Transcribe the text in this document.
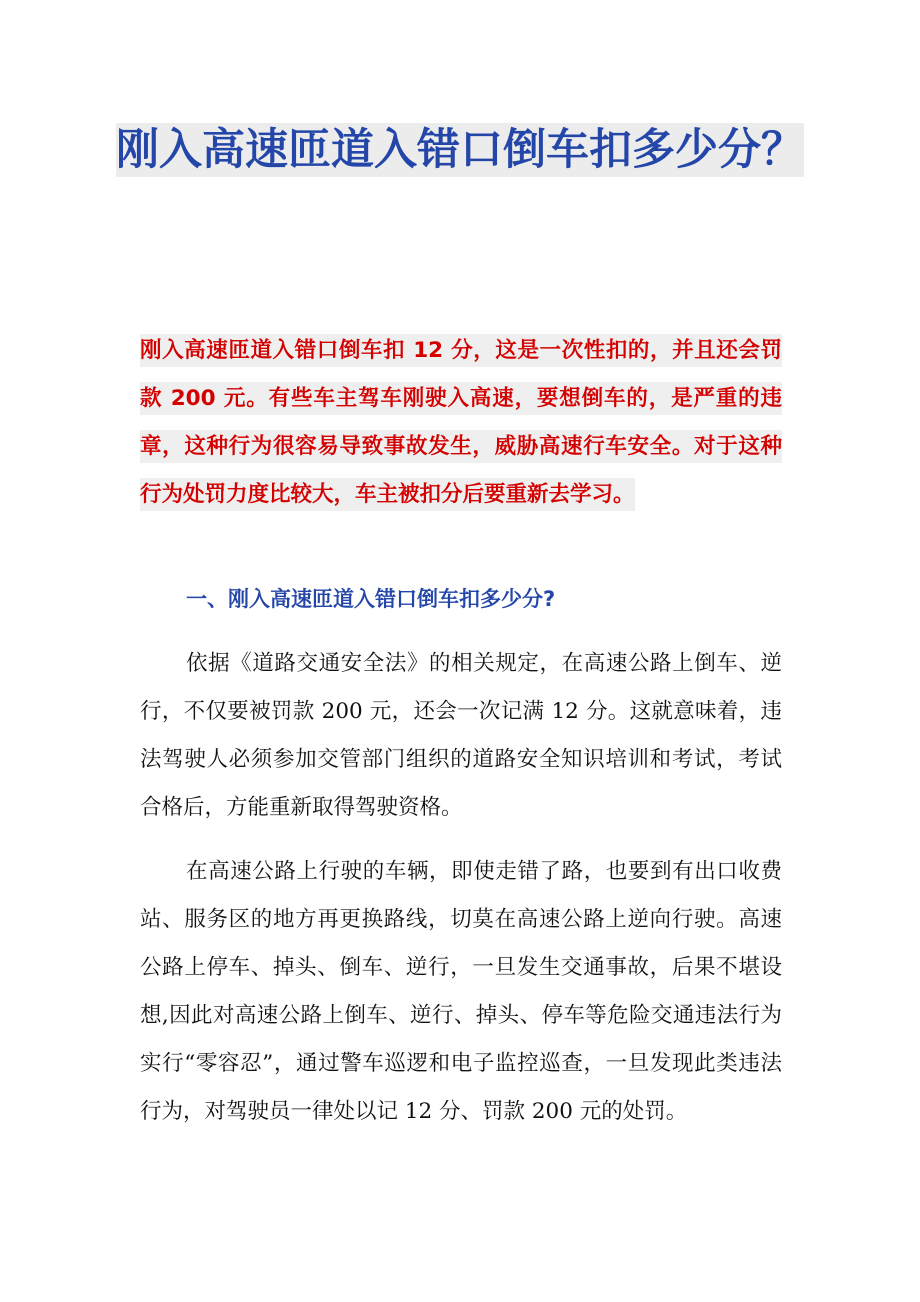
刚入高速匝道入错口倒车扣多少分？

刚入高速匝道入错口倒车扣 12 分，这是一次性扣的，并且还会罚款 200 元。有些车主驾车刚驶入高速，要想倒车的，是严重的违章，这种行为很容易导致事故发生，威胁高速行车安全。对于这种行为处罚力度比较大，车主被扣分后要重新去学习。

一、刚入高速匝道入错口倒车扣多少分?

依据《道路交通安全法》的相关规定，在高速公路上倒车、逆行，不仅要被罚款 200 元，还会一次记满 12 分。这就意味着，违法驾驶人必须参加交管部门组织的道路安全知识培训和考试，考试合格后，方能重新取得驾驶资格。

在高速公路上行驶的车辆，即使走错了路，也要到有出口收费站、服务区的地方再更换路线，切莫在高速公路上逆向行驶。高速公路上停车、掉头、倒车、逆行，一旦发生交通事故，后果不堪设想,因此对高速公路上倒车、逆行、掉头、停车等危险交通违法行为实行“零容忍”，通过警车巡逻和电子监控巡查，一旦发现此类违法行为，对驾驶员一律处以记 12 分、罚款 200 元的处罚。
